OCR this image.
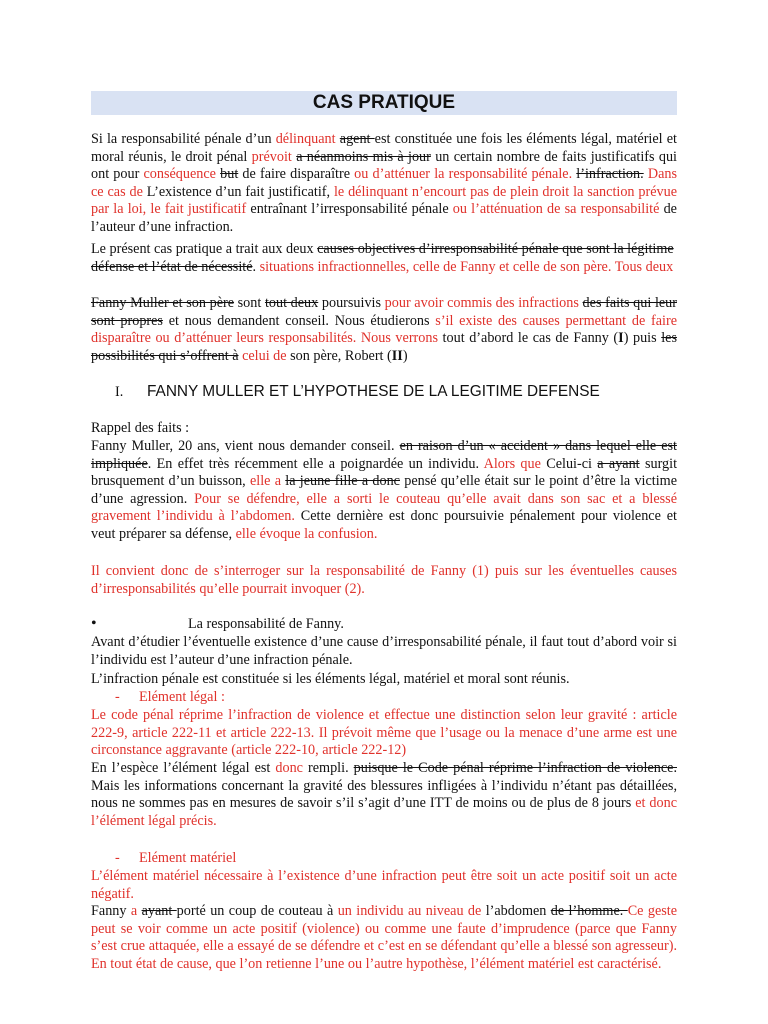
CAS PRATIQUE

Si la responsabilité pénale d’un délinquant agent est constituée une fois les éléments légal, matériel et moral réunis, le droit pénal prévoit a néanmoins mis à jour un certain nombre de faits justificatifs qui ont pour conséquence but de faire disparaître ou d’atténuer la responsabilité pénale. l’infraction. Dans ce cas de L’existence d’un fait justificatif, le délinquant n’encourt pas de plein droit la sanction prévue par la loi, le fait justificatif entraînant l’irresponsabilité pénale ou l’atténuation de sa responsabilité de l’auteur d’une infraction.

Le présent cas pratique a trait aux deux causes objectives d’irresponsabilité pénale que sont la légitime défense et l’état de nécessité. situations infractionnelles, celle de Fanny et celle de son père. Tous deux

Fanny Muller et son père sont tout deux poursuivis pour avoir commis des infractions des faits qui leur sont propres et nous demandent conseil. Nous étudierons s’il existe des causes permettant de faire disparaître ou d’atténuer leurs responsabilités. Nous verrons tout d’abord le cas de Fanny (I) puis les possibilités qui s’offrent à celui de son père, Robert (II)

I. FANNY MULLER ET L’HYPOTHESE DE LA LEGITIME DEFENSE

Rappel des faits :

Fanny Muller, 20 ans, vient nous demander conseil. en raison d’un « accident » dans lequel elle est impliquée. En effet très récemment elle a poignardée un individu. Alors que Celui-ci a ayant surgit brusquement d’un buisson, elle a la jeune fille a donc pensé qu’elle était sur le point d’être la victime d’une agression. Pour se défendre, elle a sorti le couteau qu’elle avait dans son sac et a blessé gravement l’individu à l’abdomen. Cette dernière est donc poursuivie pénalement pour violence et veut préparer sa défense, elle évoque la confusion.

Il convient donc de s’interroger sur la responsabilité de Fanny (1) puis sur les éventuelles causes d’irresponsabilités qu’elle pourrait invoquer (2).

•	La responsabilité de Fanny.

Avant d’étudier l’éventuelle existence d’une cause d’irresponsabilité pénale, il faut tout d’abord voir si l’individu est l’auteur d’une infraction pénale.

L’infraction pénale est constituée si les éléments légal, matériel et moral sont réunis.

- Elément légal :

Le code pénal réprime l’infraction de violence et effectue une distinction selon leur gravité : article 222-9, article 222-11 et article 222-13. Il prévoit même que l’usage ou la menace d’une arme est une circonstance aggravante (article 222-10, article 222-12)

En l’espèce l’élément légal est donc rempli. puisque le Code pénal réprime l’infraction de violence. Mais les informations concernant la gravité des blessures infligées à l’individu n’étant pas détaillées, nous ne sommes pas en mesures de savoir s’il s’agit d’une ITT de moins ou de plus de 8 jours et donc l’élément légal précis.

- Elément matériel

L’élément matériel nécessaire à l’existence d’une infraction peut être soit un acte positif soit un acte négatif.

Fanny a ayant porté un coup de couteau à un individu au niveau de l’abdomen de l’homme. Ce geste peut se voir comme un acte positif (violence) ou comme une faute d’imprudence (parce que Fanny s’est crue attaquée, elle a essayé de se défendre et c’est en se défendant qu’elle a blessé son agresseur). En tout état de cause, que l’on retienne l’une ou l’autre hypothèse, l’élément matériel est caractérisé.
